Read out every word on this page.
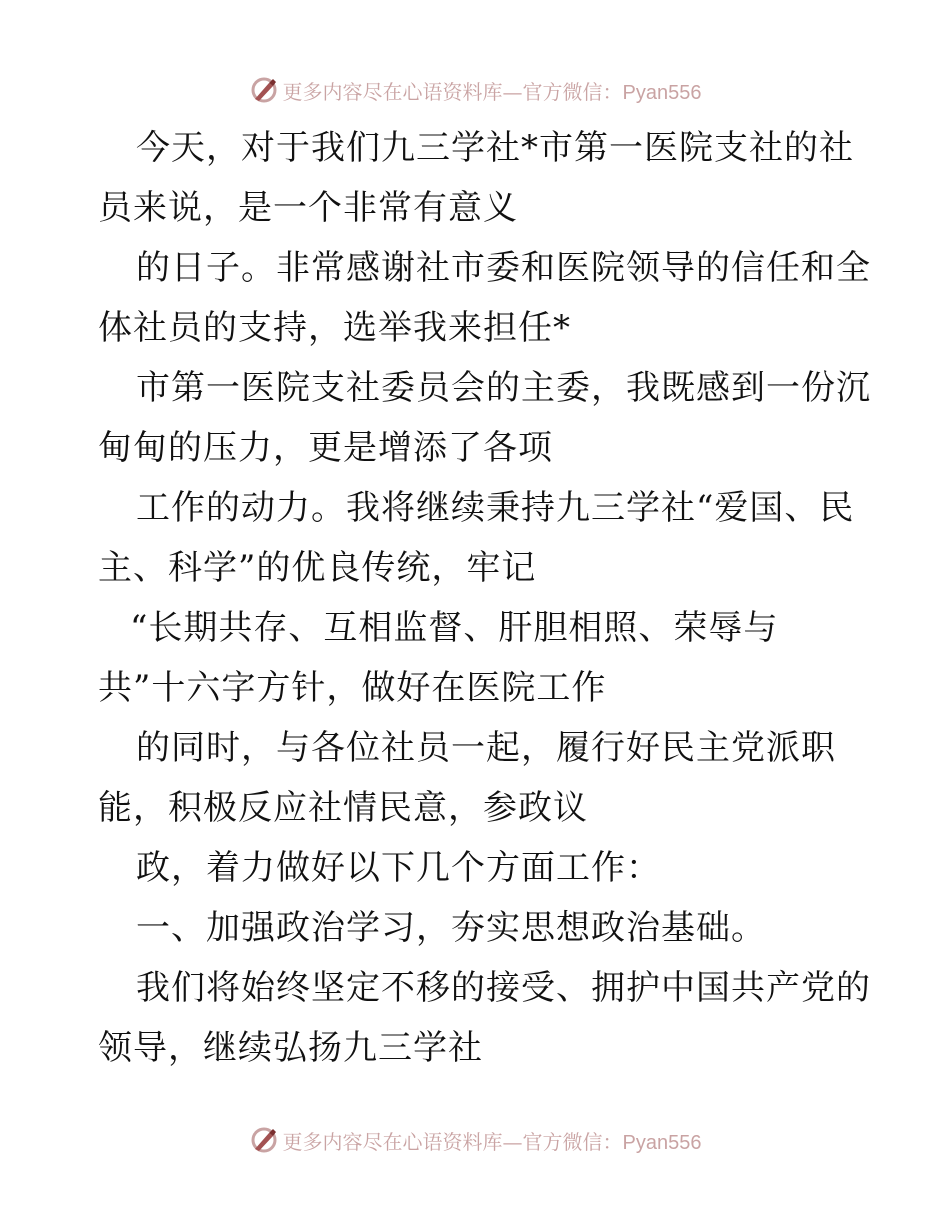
更多内容尽在心语资料库—官方微信：Pyan556
今天，对于我们九三学社*市第一医院支社的社
员来说，是一个非常有意义
的日子。非常感谢社市委和医院领导的信任和全
体社员的支持，选举我来担任*
市第一医院支社委员会的主委，我既感到一份沉
甸甸的压力，更是增添了各项
工作的动力。我将继续秉持九三学社“爱国、民
主、科学”的优良传统，牢记
“长期共存、互相监督、肝胆相照、荣辱与
共”十六字方针，做好在医院工作
的同时，与各位社员一起，履行好民主党派职
能，积极反应社情民意，参政议
政，着力做好以下几个方面工作：
一、加强政治学习，夯实思想政治基础。
我们将始终坚定不移的接受、拥护中国共产党的
领导，继续弘扬九三学社
更多内容尽在心语资料库—官方微信：Pyan556
